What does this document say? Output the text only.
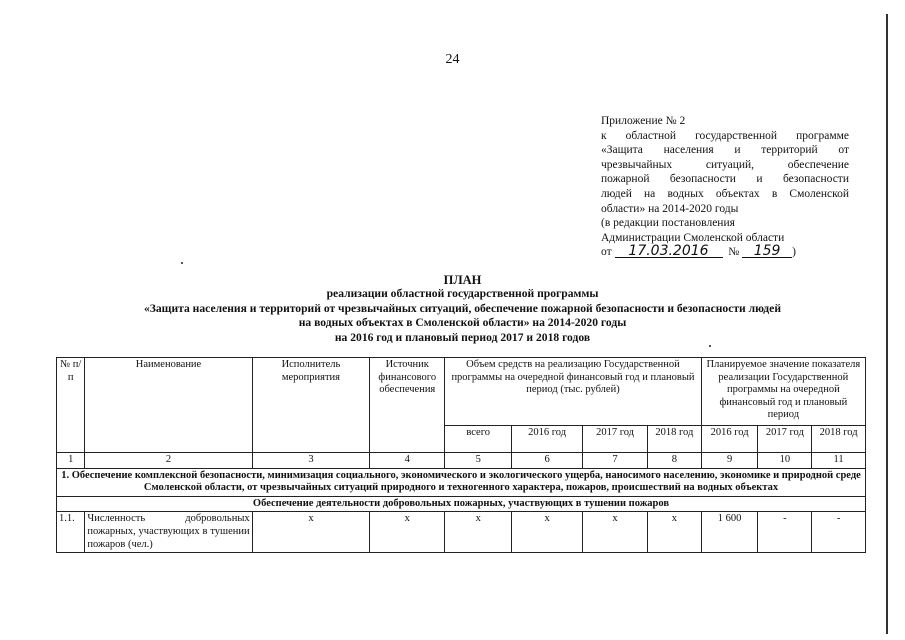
24
Приложение № 2
к областной государственной программе
«Защита населения и территорий от
чрезвычайных ситуаций, обеспечение
пожарной безопасности и безопасности
людей на водных объектах в Смоленской
области» на 2014-2020 годы
(в редакции постановления
Администрации Смоленской области
от 17.03.2016 № 159 )
ПЛАН
реализации областной государственной программы
«Защита населения и территорий от чрезвычайных ситуаций, обеспечение пожарной безопасности и безопасности людей
на водных объектах в Смоленской области» на 2014-2020 годы
на 2016 год и плановый период 2017 и 2018 годов
№ п/п	Наименование	Исполнитель мероприятия	Источник финансового обеспечения	Объем средств на реализацию Государственной программы на очередной финансовый год и плановый период (тыс. рублей)				Планируемое значение показателя реализации Государственной программы на очередной финансовый год и плановый период		
				всего	2016 год	2017 год	2018 год	2016 год	2017 год	2018 год
1	2	3	4	5	6	7	8	9	10	11
1. Обеспечение комплексной безопасности, минимизация социального, экономического и экологического ущерба, наносимого населению, экономике и природной среде Смоленской области, от чрезвычайных ситуаций природного и техногенного характера, пожаров, происшествий на водных объектах										
Обеспечение деятельности добровольных пожарных, участвующих в тушении пожаров										
1.1.	Численность добровольных пожарных, участвующих в тушении пожаров (чел.)	х	х	х	х	х	х	1 600	-	-
